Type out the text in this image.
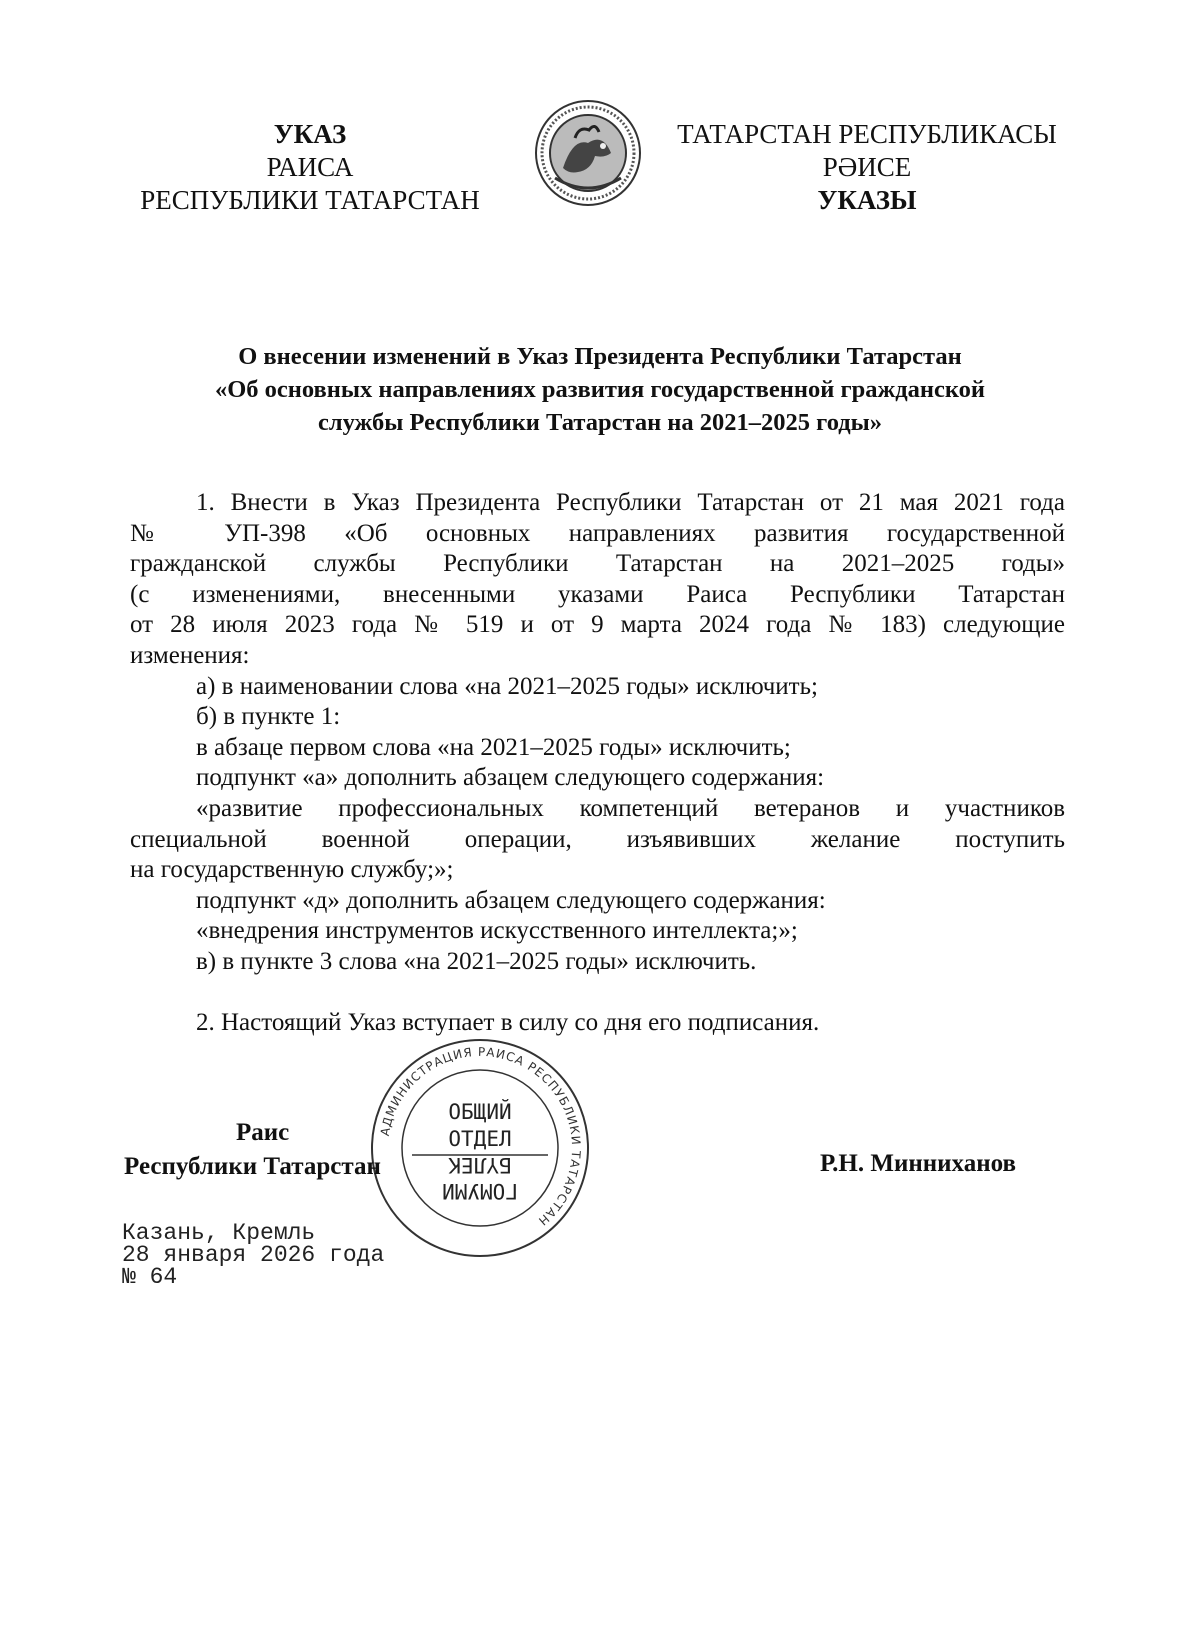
УКАЗ
РАИСА
РЕСПУБЛИКИ ТАТАРСТАН
ТАТАРСТАН РЕСПУБЛИКАСЫ
РӘИСЕ
УКАЗЫ
О внесении изменений в Указ Президента Республики Татарстан
«Об основных направлениях развития государственной гражданской
службы Республики Татарстан на 2021–2025 годы»

1. Внести в Указ Президента Республики Татарстан от 21 мая 2021 года

№ УП-398 «Об основных направлениях развития государственной

гражданской службы Республики Татарстан на 2021–2025 годы»

(с изменениями, внесенными указами Раиса Республики Татарстан

от 28 июля 2023 года № 519 и от 9 марта 2024 года № 183) следующие

изменения:

а) в наименовании слова «на 2021–2025 годы» исключить;

б) в пункте 1:

в абзаце первом слова «на 2021–2025 годы» исключить;

подпункт «а» дополнить абзацем следующего содержания:

«развитие профессиональных компетенций ветеранов и участников

специальной военной операции, изъявивших желание поступить

на государственную службу;»;

подпункт «д» дополнить абзацем следующего содержания:

«внедрения инструментов искусственного интеллекта;»;

в) в пункте 3 слова «на 2021–2025 годы» исключить.

2. Настоящий Указ вступает в силу со дня его подписания.

АДМИНИСТРАЦИЯ РАИСА РЕСПУБЛИКИ ТАТАРСТАН
ОБЩИЙ
ОТДЕЛ
ГОМУМИ
БҮЛЕК
Раис
Республики Татарстан	Р.Н. Минниханов
Казань, Кремль
28 января 2026 года
№ 64
